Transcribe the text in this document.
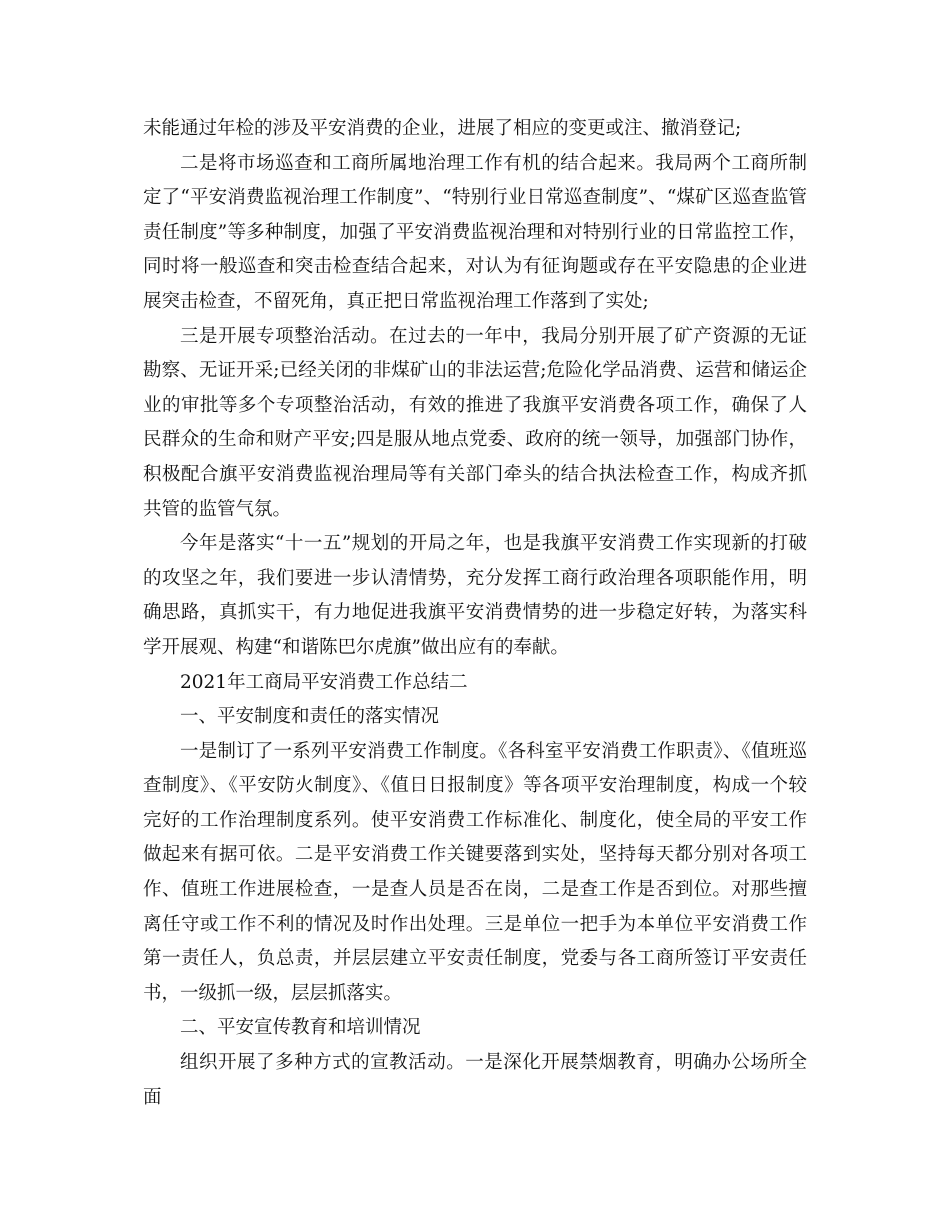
未能通过年检的涉及平安消费的企业，进展了相应的变更或注、撤消登记;

二是将市场巡查和工商所属地治理工作有机的结合起来。我局两个工商所制定了“平安消费监视治理工作制度”、“特别行业日常巡查制度”、“煤矿区巡查监管责任制度”等多种制度，加强了平安消费监视治理和对特别行业的日常监控工作，同时将一般巡查和突击检查结合起来，对认为有征询题或存在平安隐患的企业进展突击检查，不留死角，真正把日常监视治理工作落到了实处;

三是开展专项整治活动。在过去的一年中，我局分别开展了矿产资源的无证勘察、无证开采;已经关闭的非煤矿山的非法运营;危险化学品消费、运营和储运企业的审批等多个专项整治活动，有效的推进了我旗平安消费各项工作，确保了人民群众的生命和财产平安;四是服从地点党委、政府的统一领导，加强部门协作，积极配合旗平安消费监视治理局等有关部门牵头的结合执法检查工作，构成齐抓共管的监管气氛。

今年是落实“十一五”规划的开局之年，也是我旗平安消费工作实现新的打破的攻坚之年，我们要进一步认清情势，充分发挥工商行政治理各项职能作用，明确思路，真抓实干，有力地促进我旗平安消费情势的进一步稳定好转，为落实科学开展观、构建“和谐陈巴尔虎旗”做出应有的奉献。

2021年工商局平安消费工作总结二

一、平安制度和责任的落实情况

一是制订了一系列平安消费工作制度。《各科室平安消费工作职责》、《值班巡查制度》、《平安防火制度》、《值日日报制度》等各项平安治理制度，构成一个较完好的工作治理制度系列。使平安消费工作标准化、制度化，使全局的平安工作做起来有据可依。二是平安消费工作关键要落到实处，坚持每天都分别对各项工作、值班工作进展检查，一是查人员是否在岗，二是查工作是否到位。对那些擅离任守或工作不利的情况及时作出处理。三是单位一把手为本单位平安消费工作第一责任人，负总责，并层层建立平安责任制度，党委与各工商所签订平安责任书，一级抓一级，层层抓落实。

二、平安宣传教育和培训情况

组织开展了多种方式的宣教活动。一是深化开展禁烟教育，明确办公场所全面
